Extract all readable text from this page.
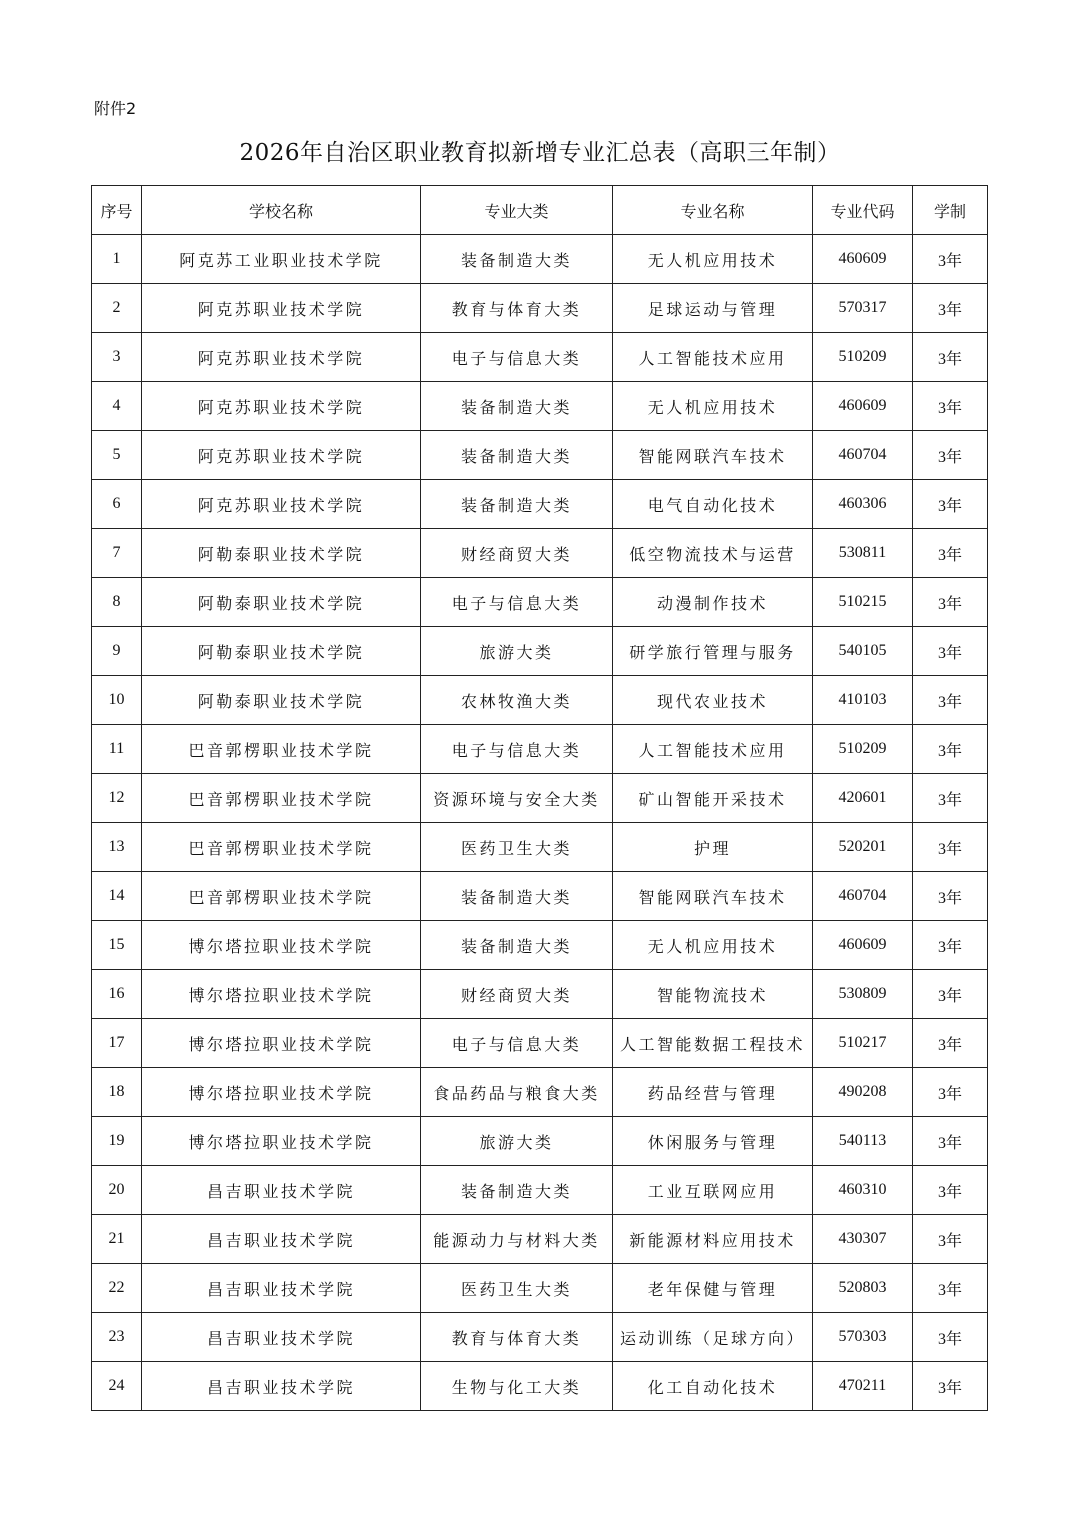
附件2
2026年自治区职业教育拟新增专业汇总表（高职三年制）
序号	学校名称	专业大类	专业名称	专业代码	学制
1	阿克苏工业职业技术学院	装备制造大类	无人机应用技术	460609	3年
2	阿克苏职业技术学院	教育与体育大类	足球运动与管理	570317	3年
3	阿克苏职业技术学院	电子与信息大类	人工智能技术应用	510209	3年
4	阿克苏职业技术学院	装备制造大类	无人机应用技术	460609	3年
5	阿克苏职业技术学院	装备制造大类	智能网联汽车技术	460704	3年
6	阿克苏职业技术学院	装备制造大类	电气自动化技术	460306	3年
7	阿勒泰职业技术学院	财经商贸大类	低空物流技术与运营	530811	3年
8	阿勒泰职业技术学院	电子与信息大类	动漫制作技术	510215	3年
9	阿勒泰职业技术学院	旅游大类	研学旅行管理与服务	540105	3年
10	阿勒泰职业技术学院	农林牧渔大类	现代农业技术	410103	3年
11	巴音郭楞职业技术学院	电子与信息大类	人工智能技术应用	510209	3年
12	巴音郭楞职业技术学院	资源环境与安全大类	矿山智能开采技术	420601	3年
13	巴音郭楞职业技术学院	医药卫生大类	护理	520201	3年
14	巴音郭楞职业技术学院	装备制造大类	智能网联汽车技术	460704	3年
15	博尔塔拉职业技术学院	装备制造大类	无人机应用技术	460609	3年
16	博尔塔拉职业技术学院	财经商贸大类	智能物流技术	530809	3年
17	博尔塔拉职业技术学院	电子与信息大类	人工智能数据工程技术	510217	3年
18	博尔塔拉职业技术学院	食品药品与粮食大类	药品经营与管理	490208	3年
19	博尔塔拉职业技术学院	旅游大类	休闲服务与管理	540113	3年
20	昌吉职业技术学院	装备制造大类	工业互联网应用	460310	3年
21	昌吉职业技术学院	能源动力与材料大类	新能源材料应用技术	430307	3年
22	昌吉职业技术学院	医药卫生大类	老年保健与管理	520803	3年
23	昌吉职业技术学院	教育与体育大类	运动训练（足球方向）	570303	3年
24	昌吉职业技术学院	生物与化工大类	化工自动化技术	470211	3年
